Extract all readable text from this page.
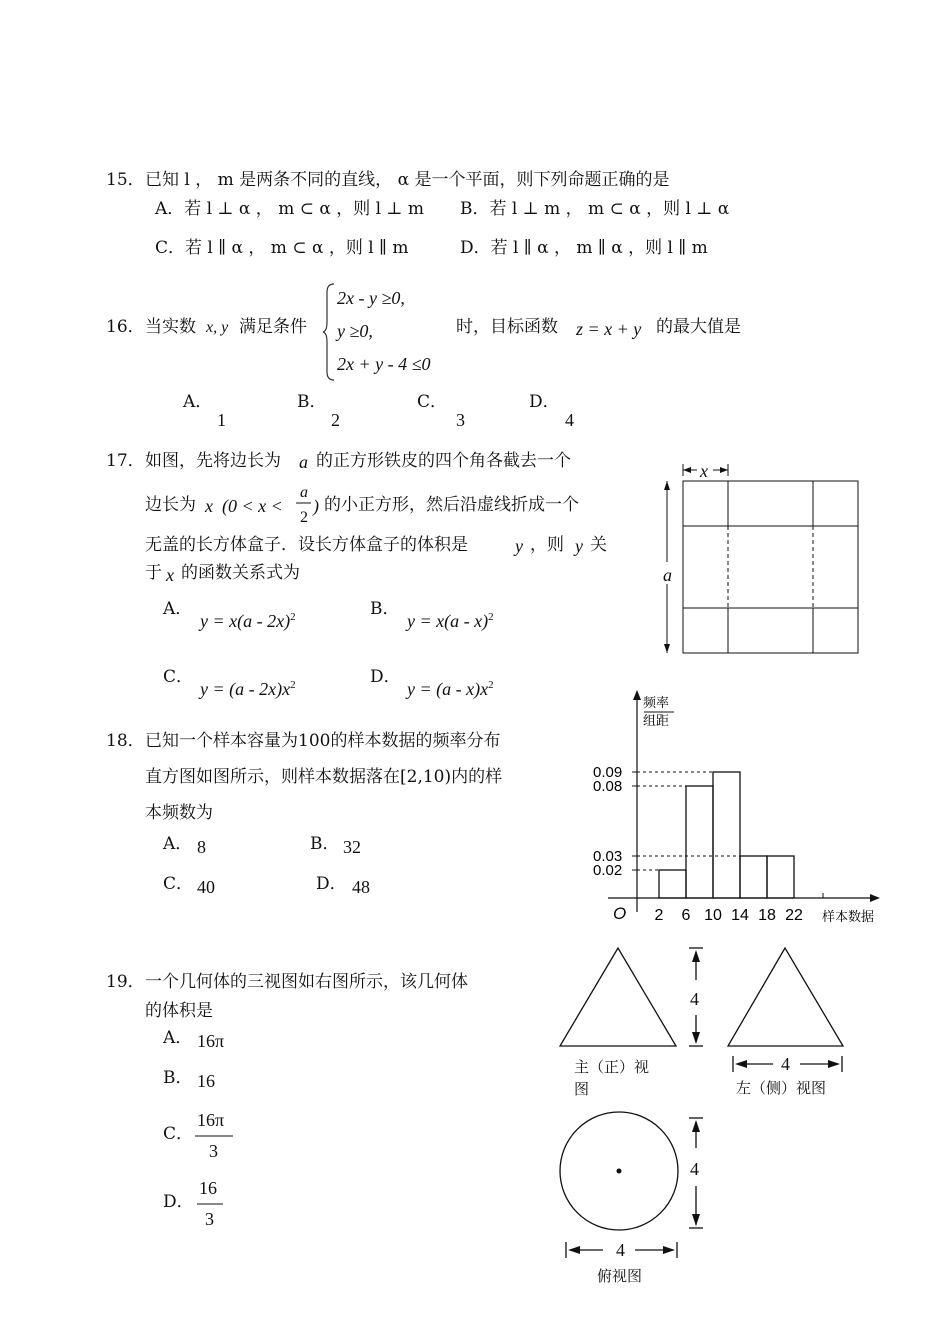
15． 已知 l ， m 是两条不同的直线， α 是一个平面，则下列命题正确的是
A．若 l ⊥ α ， m ⊂ α ，则 l ⊥ m B．若 l ⊥ m ， m ⊂ α ，则 l ⊥ α
C．若 l ∥ α ， m ⊂ α ，则 l ∥ m	D．若 l ∥ α ， m ∥ α ，则 l ∥ m
16． 当实数 x, y 满足条件
2x - y ≥0,
y ≥0,
2x + y - 4 ≤0
时，目标函数 z = x + y 的最大值是
A．
1
B．
2
C．
3
D．
4
17． 如图，先将边长为 a 的正方形铁皮的四个角各截去一个
边长为 x (0 < x <
a
2
) 的小正方形，然后沿虚线折成一个
无盖的长方体盒子．设长方体盒子的体积是	y ，则 y 关
于 x 的函数关系式为
A．
y = x(a - 2x)$^2$	B．
y = x(a - x)$^2$
C．
$y = (a - 2x)x^2$	D．
$y = (a - x)x^2$
x
a
18． 已知一个样本容量为100的样本数据的频率分布
直方图如图所示，则样本数据落在[2,10)内的样
本频数为
A． 8	B． 32
C． 40	D． 48
频率
组距
O	样本数据
0.02
0.03
0.08
0.09
2 6 10 14 18 22
19． 一个几何体的三视图如右图所示，该几何体
的体积是
A． 16π
B． 16
C．
16π
3
D．
16
3
4
4
4
4
主（正）视
图	左（侧）视图
俯视图
